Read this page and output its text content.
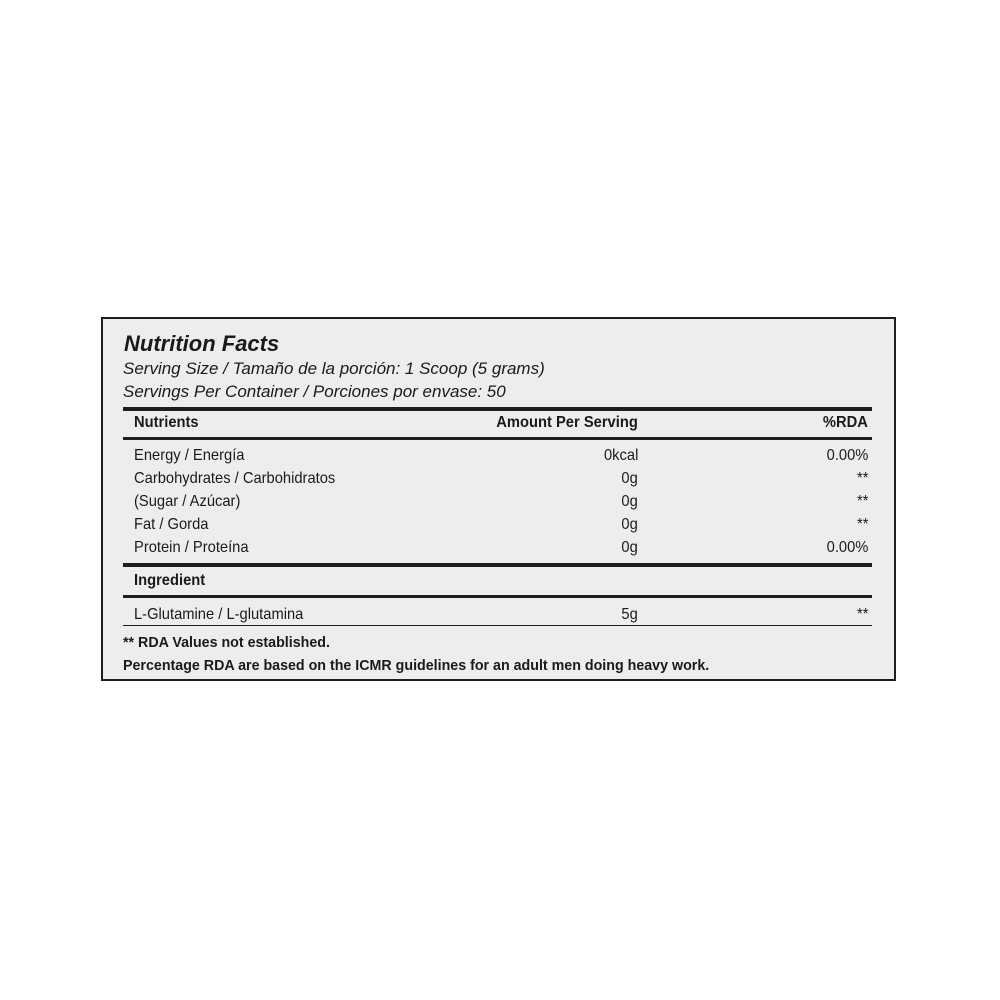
Nutrition Facts
Serving Size / Tamaño de la porción: 1 Scoop (5 grams)
Servings Per Container / Porciones por envase: 50
Nutrients	Amount Per Serving	%RDA
Energy / Energía	0kcal	0.00%
Carbohydrates / Carbohidratos	0g	**
(Sugar / Azúcar)	0g	**
Fat / Gorda	0g	**
Protein / Proteína	0g	0.00%
Ingredient
L-Glutamine / L-glutamina	5g	**
** RDA Values not established.
Percentage RDA are based on the ICMR guidelines for an adult men doing heavy work.
